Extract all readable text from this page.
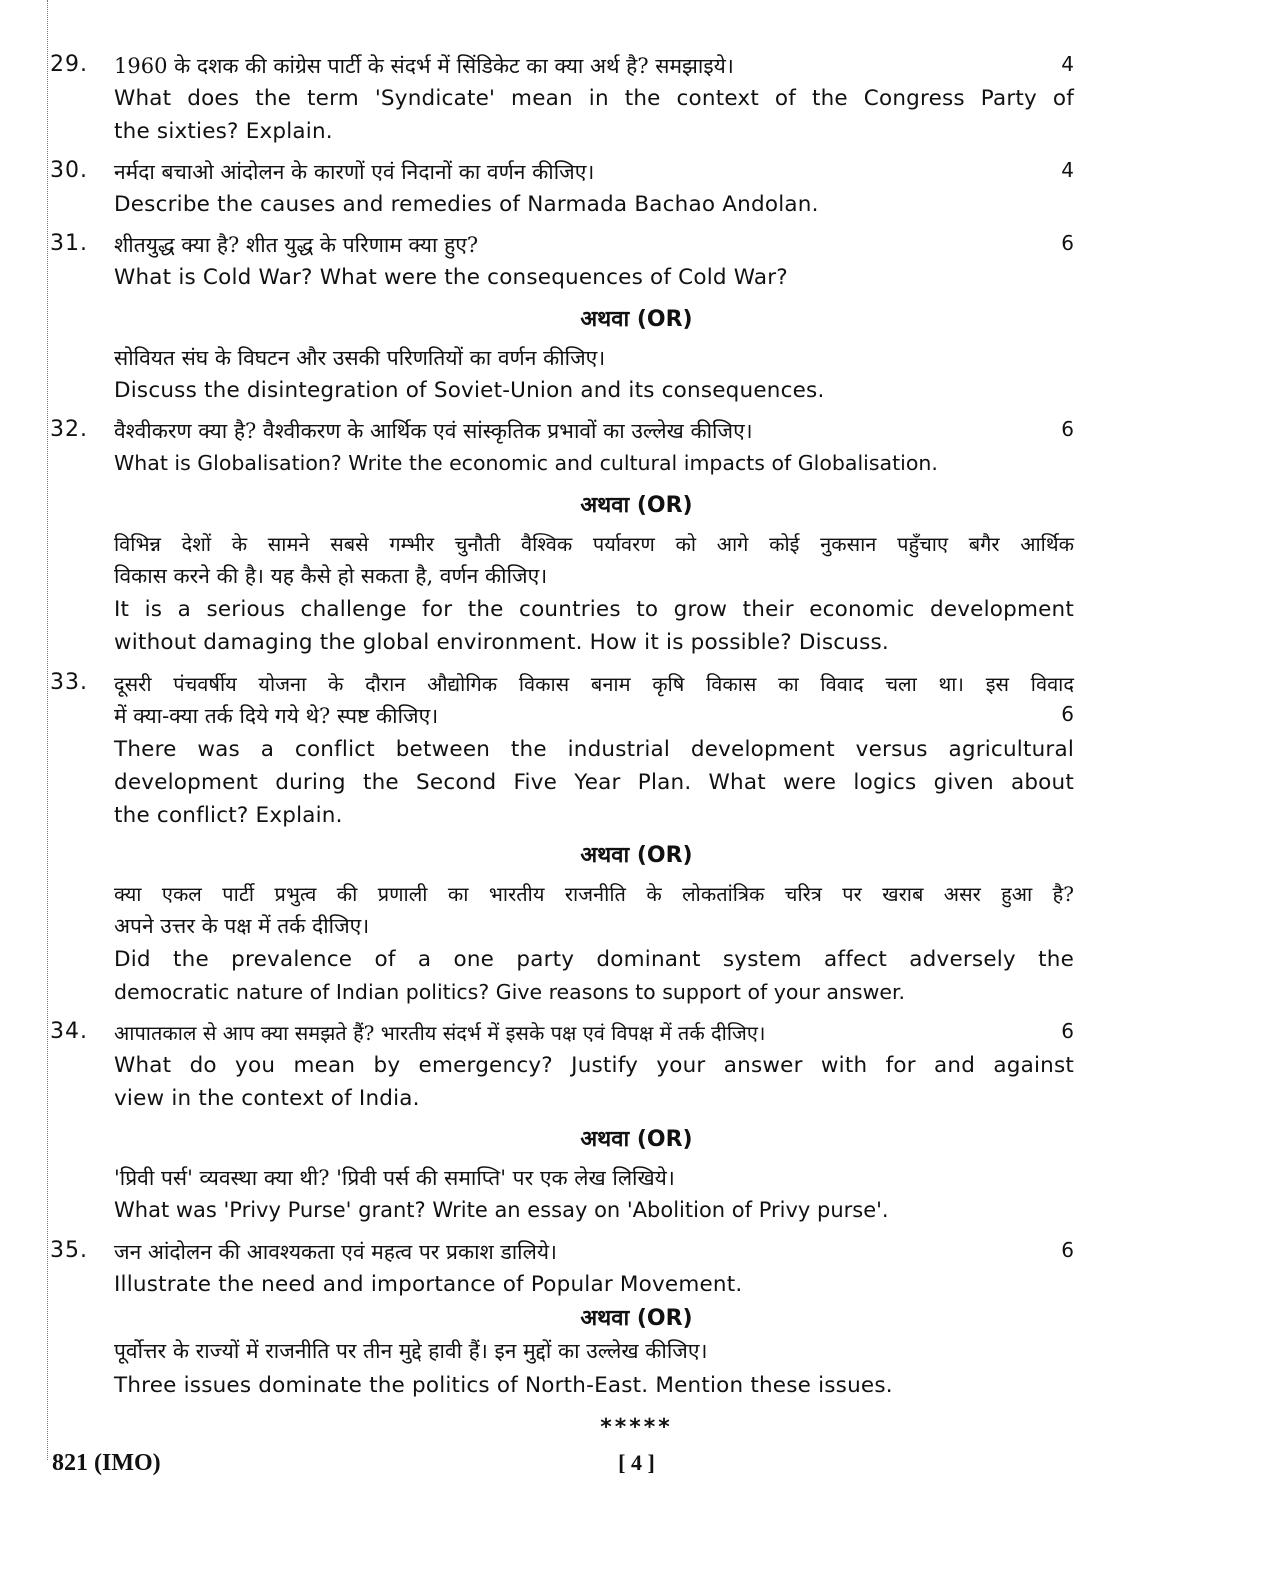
29. 1960 के दशक की कांग्रेस पार्टी के संदर्भ में सिंडिकेट का क्या अर्थ है? समझाइये।	4
What does the term 'Syndicate' mean in the context of the Congress Party of
the sixties? Explain.
30. नर्मदा बचाओ आंदोलन के कारणों एवं निदानों का वर्णन कीजिए।	4
Describe the causes and remedies of Narmada Bachao Andolan.
31. शीतयुद्ध क्या है? शीत युद्ध के परिणाम क्या हुए?	6
What is Cold War? What were the consequences of Cold War?
अथवा (OR)
सोवियत संघ के विघटन और उसकी परिणतियों का वर्णन कीजिए।
Discuss the disintegration of Soviet-Union and its consequences.
32. वैश्वीकरण क्या है? वैश्वीकरण के आर्थिक एवं सांस्कृतिक प्रभावों का उल्लेख कीजिए।	6
What is Globalisation? Write the economic and cultural impacts of Globalisation.
अथवा (OR)
विभिन्न देशों के सामने सबसे गम्भीर चुनौती वैश्विक पर्यावरण को आगे कोई नुकसान पहुँचाए बगैर आर्थिक
विकास करने की है। यह कैसे हो सकता है, वर्णन कीजिए।
It is a serious challenge for the countries to grow their economic development
without damaging the global environment. How it is possible? Discuss.
33. दूसरी पंचवर्षीय योजना के दौरान औद्योगिक विकास बनाम कृषि विकास का विवाद चला था। इस विवाद
में क्या-क्या तर्क दिये गये थे? स्पष्ट कीजिए।	6
There was a conflict between the industrial development versus agricultural
development during the Second Five Year Plan. What were logics given about
the conflict? Explain.
अथवा (OR)
क्या एकल पार्टी प्रभुत्व की प्रणाली का भारतीय राजनीति के लोकतांत्रिक चरित्र पर खराब असर हुआ है?
अपने उत्तर के पक्ष में तर्क दीजिए।
Did the prevalence of a one party dominant system affect adversely the
democratic nature of Indian politics? Give reasons to support of your answer.
34. आपातकाल से आप क्या समझते हैं? भारतीय संदर्भ में इसके पक्ष एवं विपक्ष में तर्क दीजिए।	6
What do you mean by emergency? Justify your answer with for and against
view in the context of India.
अथवा (OR)
'प्रिवी पर्स' व्यवस्था क्या थी? 'प्रिवी पर्स की समाप्ति' पर एक लेख लिखिये।
What was 'Privy Purse' grant? Write an essay on 'Abolition of Privy purse'.
35. जन आंदोलन की आवश्यकता एवं महत्व पर प्रकाश डालिये।	6
Illustrate the need and importance of Popular Movement.
अथवा (OR)
पूर्वोत्तर के राज्यों में राजनीति पर तीन मुद्दे हावी हैं। इन मुद्दों का उल्लेख कीजिए।
Three issues dominate the politics of North-East. Mention these issues.
*****
821 (IMO)	[ 4 ]
